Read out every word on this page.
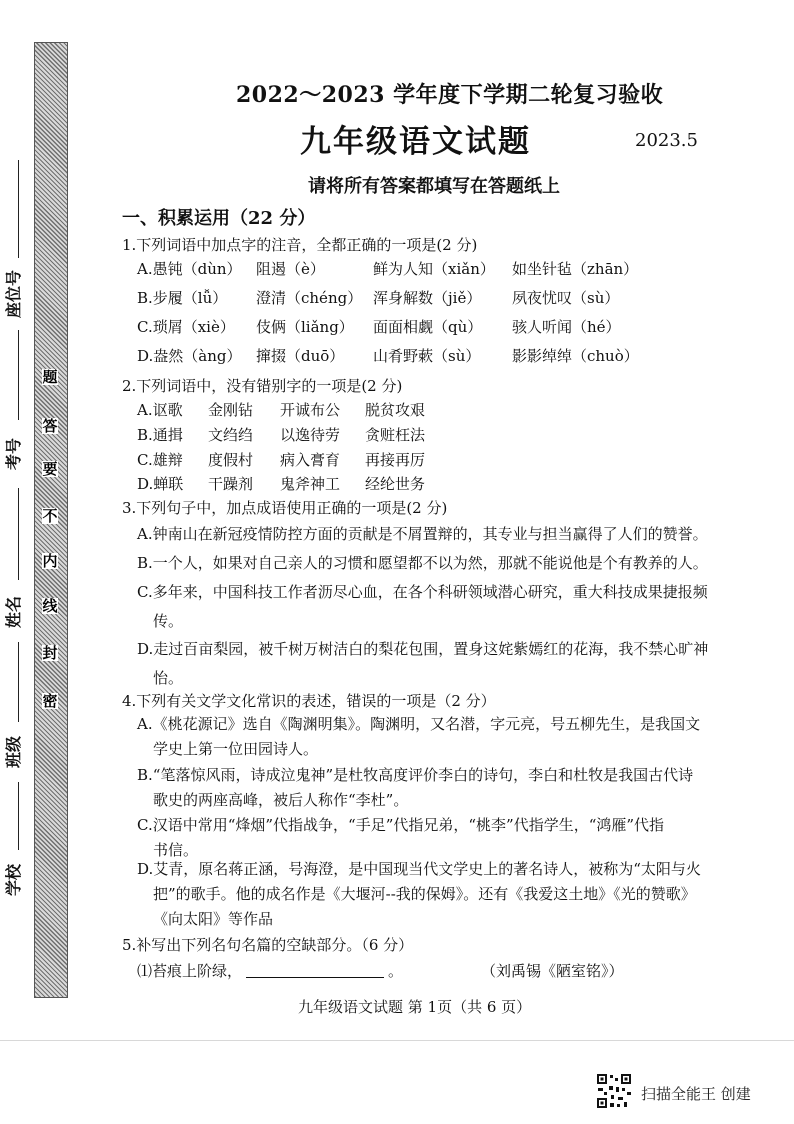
题
答
要
不
内
线
封
密
座位号
考号
姓名
班级
学校
2022～2023 学年度下学期二轮复习验收
九年级语文试题	2023.5
请将所有答案都填写在答题纸上
一、积累运用（22 分）
1.下列词语中加点字的注音，全都正确的一项是(2 分)
A.愚钝（dùn） 阻遏（è）	鲜为人知（xiǎn） 如坐针毡（zhān）
B.步履（lǚ） 澄清（chéng） 浑身解数（jiě） 夙夜忧叹（sù）
C.琐屑（xiè） 伎俩（liǎng） 面面相觑（qù） 骇人听闻（hé）
D.盎然（àng） 撺掇（duō） 山肴野蔌（sù） 影影绰绰（chuò）
2.下列词语中，没有错别字的一项是(2 分)
A.讴歌 金刚钻 开诚布公 脱贫攻艰
B.通揖 文绉绉 以逸待劳 贪赃枉法
C.雄辩 度假村 病入膏育 再接再厉
D.蝉联 干躁剂 鬼斧神工 经纶世务
3.下列句子中，加点成语使用正确的一项是(2 分)
A.钟南山在新冠疫情防控方面的贡献是不屑置辩的，其专业与担当赢得了人们的赞誉。
B.一个人，如果对自己亲人的习惯和愿望都不以为然，那就不能说他是个有教养的人。
C.多年来，中国科技工作者沥尽心血，在各个科研领域潜心研究，重大科技成果捷报频
传。
D.走过百亩梨园，被千树万树洁白的梨花包围，置身这姹紫嫣红的花海，我不禁心旷神
怡。
4.下列有关文学文化常识的表述，错误的一项是（2 分）
A.《桃花源记》选自《陶渊明集》。陶渊明，又名潜，字元亮，号五柳先生，是我国文
学史上第一位田园诗人。
B.“笔落惊风雨，诗成泣鬼神”是杜牧高度评价李白的诗句，李白和杜牧是我国古代诗
歌史的两座高峰，被后人称作“李杜”。
C.汉语中常用“烽烟”代指战争，“手足”代指兄弟，“桃李”代指学生，“鸿雁”代指
书信。
D.艾青，原名蒋正涵，号海澄，是中国现当代文学史上的著名诗人，被称为“太阳与火
把”的歌手。他的成名作是《大堰河--我的保姆》。还有《我爱这土地》《光的赞歌》
《向太阳》等作品
5.补写出下列名句名篇的空缺部分。（6 分）
⑴苔痕上阶绿，	。	（刘禹锡《陋室铭》）
九年级语文试题 第 1页（共 6 页）
扫描全能王 创建
